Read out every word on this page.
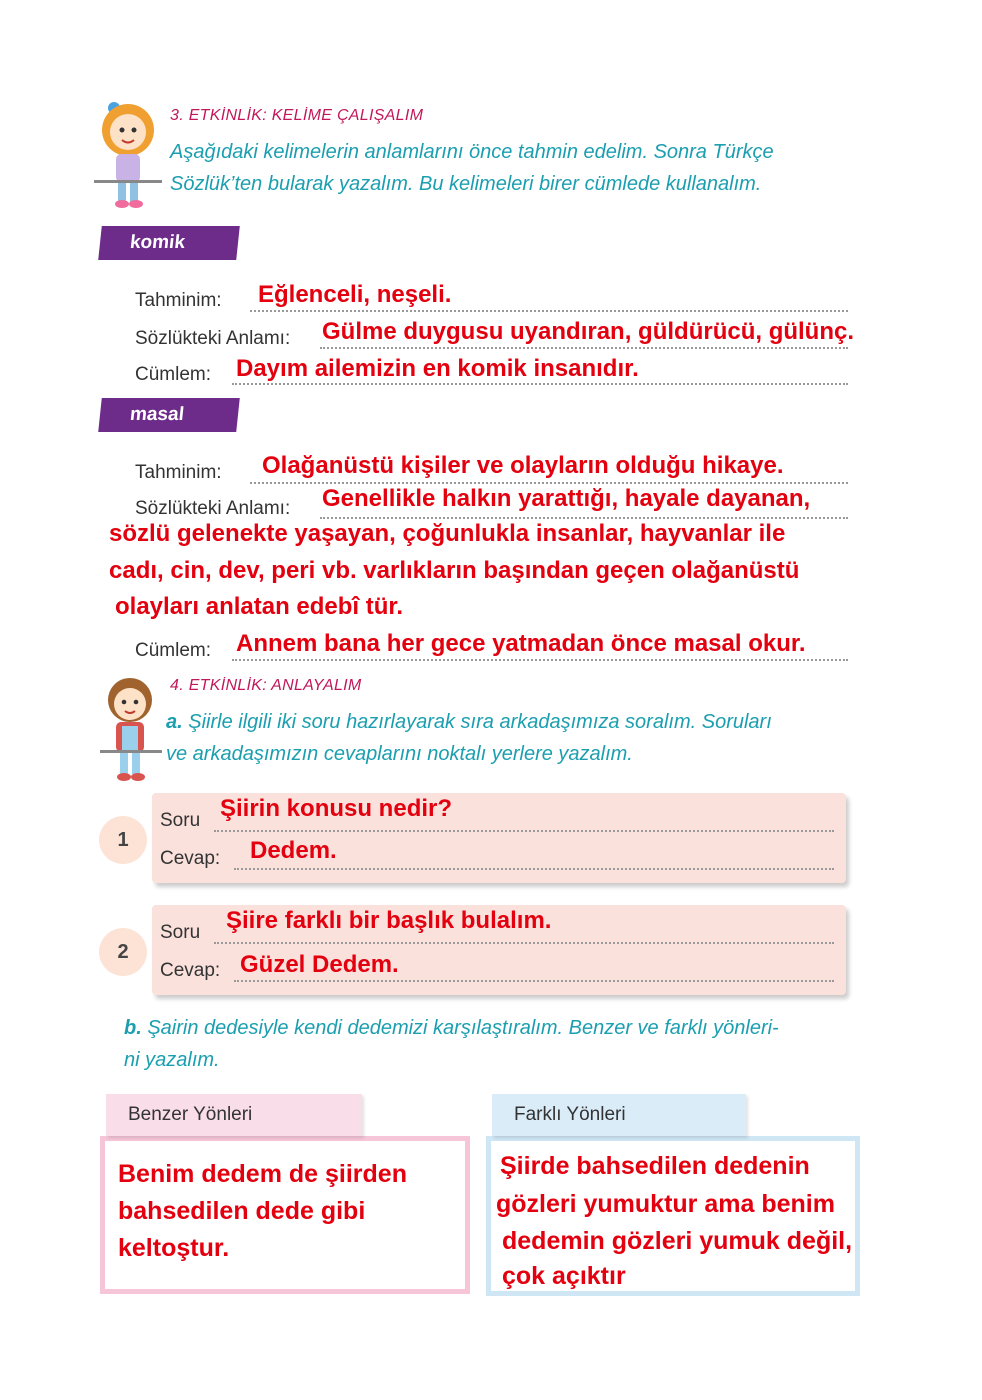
3. ETKİNLİK: KELİME ÇALIŞALIM
Aşağıdaki kelimelerin anlamlarını önce tahmin edelim. Sonra Türkçe
Sözlük’ten bularak yazalım. Bu kelimeleri birer cümlede kullanalım.
komik
Tahminim: Eğlenceli, neşeli.
Sözlükteki Anlamı: Gülme duygusu uyandıran, güldürücü, gülünç.
Cümlem: Dayım ailemizin en komik insanıdır.
masal
Tahminim: Olağanüstü kişiler ve olayların olduğu hikaye.
Sözlükteki Anlamı: Genellikle halkın yarattığı, hayale dayanan,
sözlü gelenekte yaşayan, çoğunlukla insanlar, hayvanlar ile
cadı, cin, dev, peri vb. varlıkların başından geçen olağanüstü
olayları anlatan edebî tür.
Cümlem: Annem bana her gece yatmadan önce masal okur.
4. ETKİNLİK: ANLAYALIM
a. Şiirle ilgili iki soru hazırlayarak sıra arkadaşımıza soralım. Soruları
ve arkadaşımızın cevaplarını noktalı yerlere yazalım.
1
Soru Şiirin konusu nedir?
Cevap: Dedem.
2
Soru Şiire farklı bir başlık bulalım.
Cevap: Güzel Dedem.
b. Şairin dedesiyle kendi dedemizi karşılaştıralım. Benzer ve farklı yönleri-
ni yazalım.
Benzer Yönleri
Benim dedem de şiirden
bahsedilen dede gibi
keltoştur.
Farklı Yönleri
Şiirde bahsedilen dedenin
gözleri yumuktur ama benim
dedemin gözleri yumuk değil,
çok açıktır
